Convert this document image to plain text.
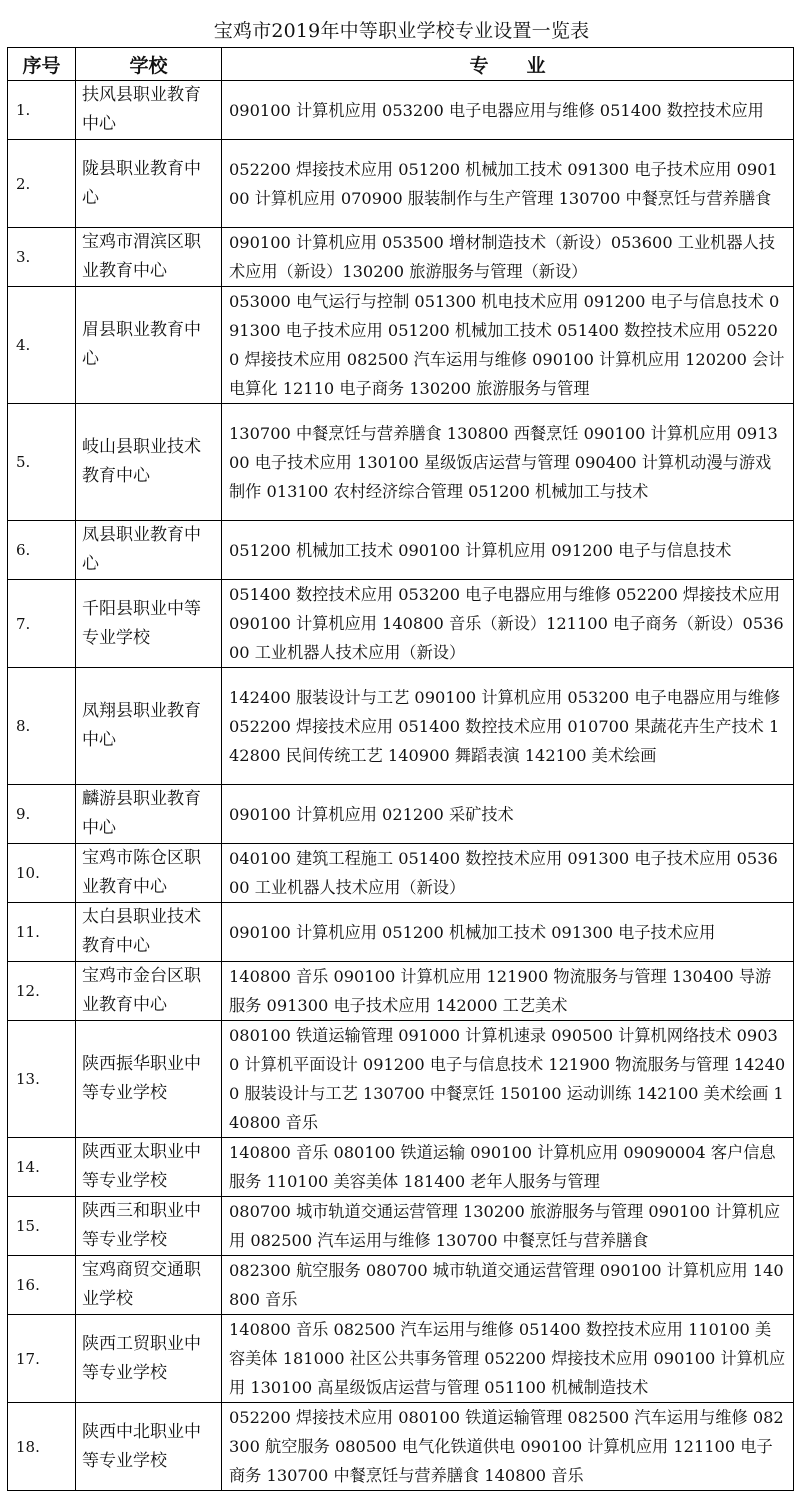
宝鸡市2019年中等职业学校专业设置一览表
序号	学校	专　　业
1.	扶风县职业教育中心	090100 计算机应用 053200 电子电器应用与维修 051400 数控技术应用
2.	陇县职业教育中心	052200 焊接技术应用 051200 机械加工技术 091300 电子技术应用 090100 计算机应用 070900 服装制作与生产管理 130700 中餐烹饪与营养膳食
3.	宝鸡市渭滨区职业教育中心	090100 计算机应用 053500 增材制造技术（新设）053600 工业机器人技术应用（新设）130200 旅游服务与管理（新设）
4.	眉县职业教育中心	053000 电气运行与控制 051300 机电技术应用 091200 电子与信息技术 091300 电子技术应用 051200 机械加工技术 051400 数控技术应用 052200 焊接技术应用 082500 汽车运用与维修 090100 计算机应用 120200 会计电算化 12110 电子商务 130200 旅游服务与管理
5.	岐山县职业技术教育中心	130700 中餐烹饪与营养膳食 130800 西餐烹饪 090100 计算机应用 091300 电子技术应用 130100 星级饭店运营与管理 090400 计算机动漫与游戏制作 013100 农村经济综合管理 051200 机械加工与技术
6.	凤县职业教育中心	051200 机械加工技术 090100 计算机应用 091200 电子与信息技术
7.	千阳县职业中等专业学校	051400 数控技术应用 053200 电子电器应用与维修 052200 焊接技术应用 090100 计算机应用 140800 音乐（新设）121100 电子商务（新设）053600 工业机器人技术应用（新设）
8.	凤翔县职业教育中心	142400 服装设计与工艺 090100 计算机应用 053200 电子电器应用与维修 052200 焊接技术应用 051400 数控技术应用 010700 果蔬花卉生产技术 142800 民间传统工艺 140900 舞蹈表演 142100 美术绘画
9.	麟游县职业教育中心	090100 计算机应用 021200 采矿技术
10.	宝鸡市陈仓区职业教育中心	040100 建筑工程施工 051400 数控技术应用 091300 电子技术应用 053600 工业机器人技术应用（新设）
11.	太白县职业技术教育中心	090100 计算机应用 051200 机械加工技术 091300 电子技术应用
12.	宝鸡市金台区职业教育中心	140800 音乐 090100 计算机应用 121900 物流服务与管理 130400 导游服务 091300 电子技术应用 142000 工艺美术
13.	陕西振华职业中等专业学校	080100 铁道运输管理 091000 计算机速录 090500 计算机网络技术 09030 计算机平面设计 091200 电子与信息技术 121900 物流服务与管理 142400 服装设计与工艺 130700 中餐烹饪 150100 运动训练 142100 美术绘画 140800 音乐
14.	陕西亚太职业中等专业学校	140800 音乐 080100 铁道运输 090100 计算机应用 09090004 客户信息服务 110100 美容美体 181400 老年人服务与管理
15.	陕西三和职业中等专业学校	080700 城市轨道交通运营管理 130200 旅游服务与管理 090100 计算机应用 082500 汽车运用与维修 130700 中餐烹饪与营养膳食
16.	宝鸡商贸交通职业学校	082300 航空服务 080700 城市轨道交通运营管理 090100 计算机应用 140800 音乐
17.	陕西工贸职业中等专业学校	140800 音乐 082500 汽车运用与维修 051400 数控技术应用 110100 美容美体 181000 社区公共事务管理 052200 焊接技术应用 090100 计算机应用 130100 高星级饭店运营与管理 051100 机械制造技术
18.	陕西中北职业中等专业学校	052200 焊接技术应用 080100 铁道运输管理 082500 汽车运用与维修 082300 航空服务 080500 电气化铁道供电 090100 计算机应用 121100 电子商务 130700 中餐烹饪与营养膳食 140800 音乐
